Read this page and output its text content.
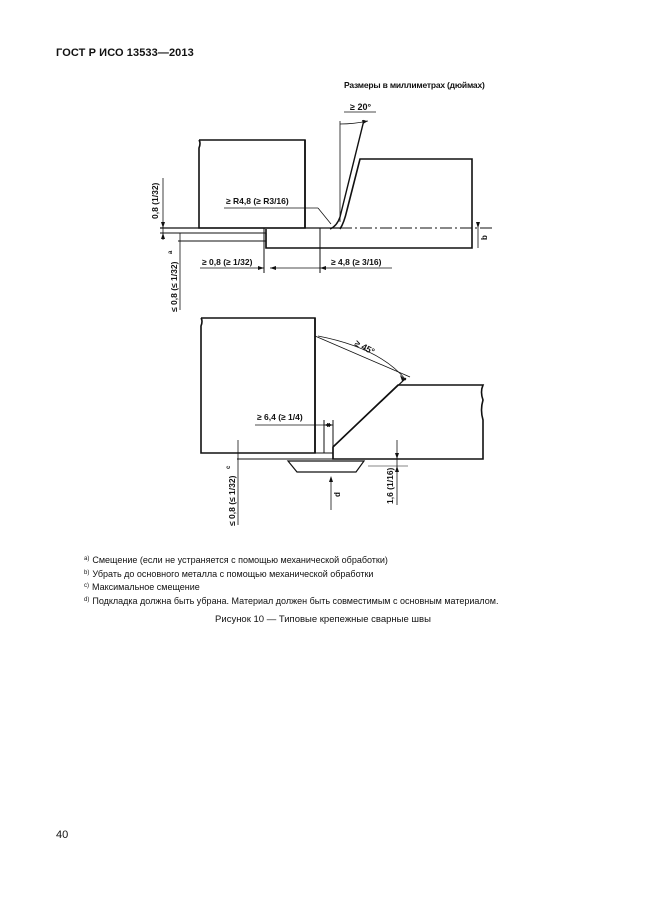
ГОСТ Р ИСО 13533—2013
Размеры в миллиметрах (дюймах)
≥ 20°
≥ R4,8 (≥ R3/16)
0,8 (1/32)
≥ 0,8 (≥ 1/32)	≥ 4,8 (≥ 3/16)
≤ 0,8 (≤ 1/32)
a
b
≥ 45°
≥ 6,4 (≥ 1/4)
≤ 0,8 (≤ 1/32)
c
1,6 (1/16)
d
$^{a)}$ Смещение (если не устраняется с помощью механической обработки)
$^{b)}$ Убрать до основного металла с помощью механической обработки
$^{c)}$ Максимальное смещение
$^{d)}$ Подкладка должна быть убрана. Материал должен быть совместимым с основным материалом.
Рисунок 10 — Типовые крепежные сварные швы
40
